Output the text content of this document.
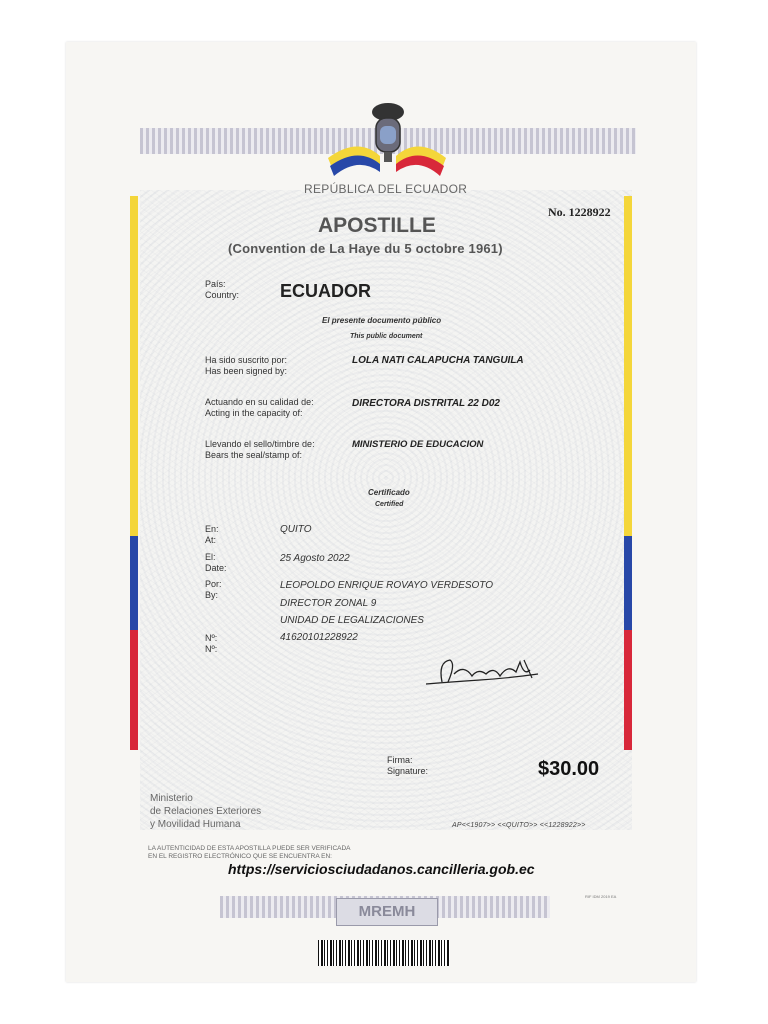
REPÚBLICA DEL ECUADOR
APOSTILLE
(Convention de La Haye du 5 octobre 1961)
No. 1228922
País:
Country: ECUADOR
El presente documento público
This public document
Ha sido suscrito por:
Has been signed by:
LOLA NATI CALAPUCHA TANGUILA
Actuando en su calidad de:
Acting in the capacity of:
DIRECTORA DISTRITAL 22 D02
Llevando el sello/timbre de:
Bears the seal/stamp of:
MINISTERIO DE EDUCACION
Certificado
Certified
En:
At:
QUITO
El:
Date:
25 Agosto 2022
Por:
By:
LEOPOLDO ENRIQUE ROVAYO VERDESOTO
DIRECTOR ZONAL 9
UNIDAD DE LEGALIZACIONES
Nº:
Nº:
41620101228922
Firma:
Signature:	$30.00
Ministerio
de Relaciones Exteriores
y Movilidad Humana	AP<<1907>> <<QUITO>> <<1228922>>
LA AUTENTICIDAD DE ESTA APOSTILLA PUEDE SER VERIFICADA
EN EL REGISTRO ELECTRÓNICO QUE SE ENCUENTRA EN:
https://serviciosciudadanos.cancilleria.gob.ec
MREMH
RIF IDM 2019 EA
